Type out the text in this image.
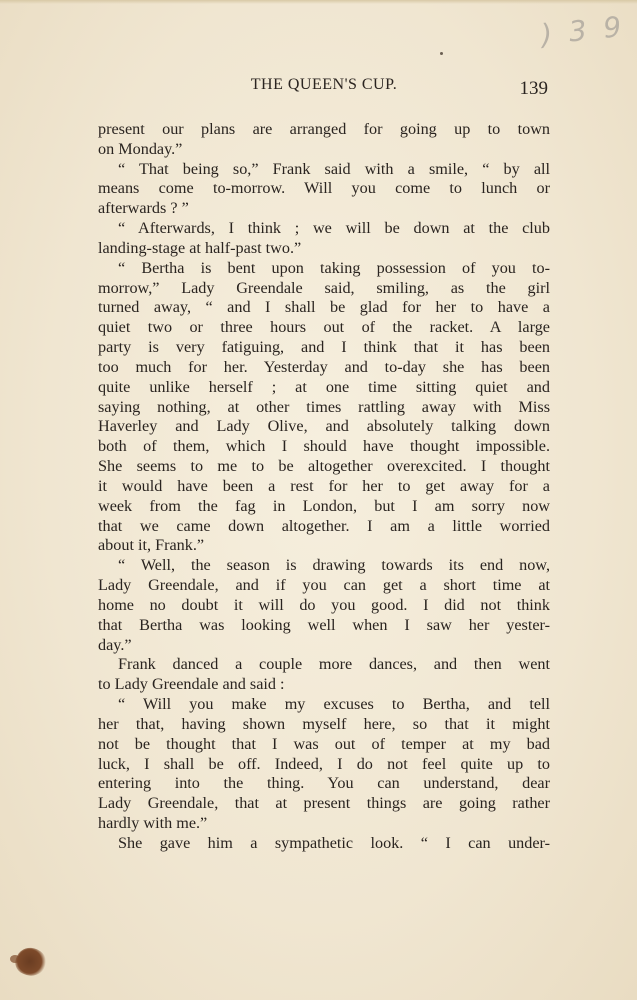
) 3 9
THE QUEEN'S CUP.	139
present our plans are arranged for going up to town
on Monday.”
“ That being so,” Frank said with a smile, “ by all
means come to-morrow. Will you come to lunch or
afterwards ? ”
“ Afterwards, I think ; we will be down at the club
landing-stage at half-past two.”
“ Bertha is bent upon taking possession of you to-
morrow,” Lady Greendale said, smiling, as the girl
turned away, “ and I shall be glad for her to have a
quiet two or three hours out of the racket. A large
party is very fatiguing, and I think that it has been
too much for her. Yesterday and to-day she has been
quite unlike herself ; at one time sitting quiet and
saying nothing, at other times rattling away with Miss
Haverley and Lady Olive, and absolutely talking down
both of them, which I should have thought impossible.
She seems to me to be altogether overexcited. I thought
it would have been a rest for her to get away for a
week from the fag in London, but I am sorry now
that we came down altogether. I am a little worried
about it, Frank.”
“ Well, the season is drawing towards its end now,
Lady Greendale, and if you can get a short time at
home no doubt it will do you good. I did not think
that Bertha was looking well when I saw her yester-
day.”
Frank danced a couple more dances, and then went
to Lady Greendale and said :
“ Will you make my excuses to Bertha, and tell
her that, having shown myself here, so that it might
not be thought that I was out of temper at my bad
luck, I shall be off. Indeed, I do not feel quite up to
entering into the thing. You can understand, dear
Lady Greendale, that at present things are going rather
hardly with me.”
She gave him a sympathetic look. “ I can under-
